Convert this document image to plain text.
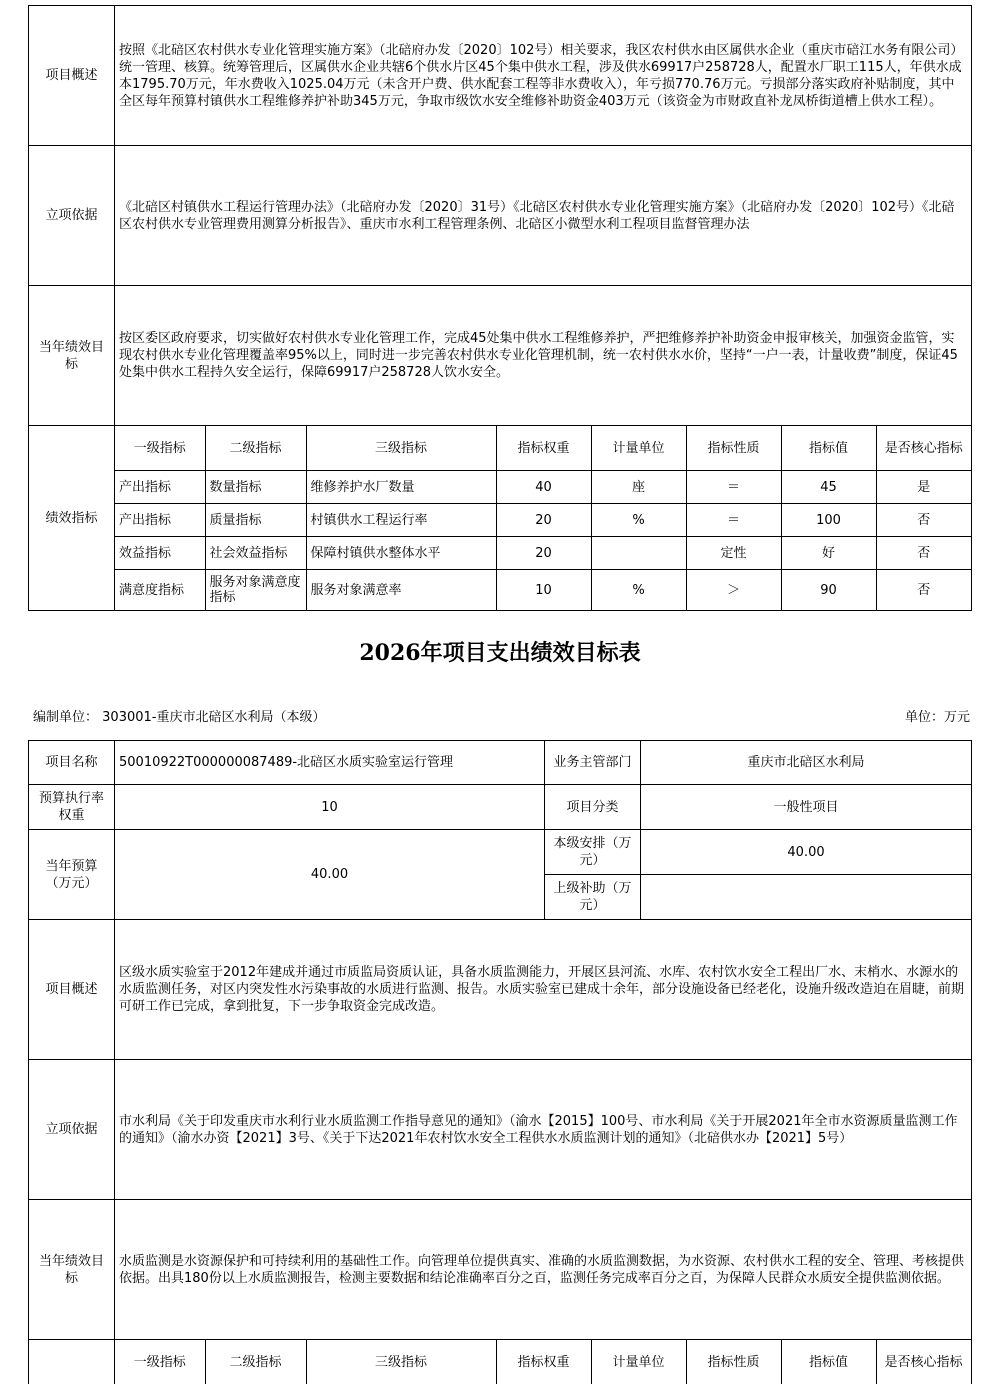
项目概述	按照《北碚区农村供水专业化管理实施方案》（北碚府办发〔2020〕102号）相关要求，我区农村供水由区属供水企业（重庆市碚江水务有限公司）统一管理、核算。统筹管理后，区属供水企业共辖6个供水片区45个集中供水工程，涉及供水69917户258728人，配置水厂职工115人，年供水成本1795.70万元，年水费收入1025.04万元（未含开户费、供水配套工程等非水费收入），年亏损770.76万元。亏损部分落实政府补贴制度，其中全区每年预算村镇供水工程维修养护补助345万元，争取市级饮水安全维修补助资金403万元（该资金为市财政直补龙凤桥街道槽上供水工程）。
立项依据	《北碚区村镇供水工程运行管理办法》（北碚府办发〔2020〕31号）《北碚区农村供水专业化管理实施方案》（北碚府办发〔2020〕102号）《北碚区农村供水专业管理费用测算分析报告》、重庆市水利工程管理条例、北碚区小微型水利工程项目监督管理办法
当年绩效目标	按区委区政府要求，切实做好农村供水专业化管理工作，完成45处集中供水工程维修养护，严把维修养护补助资金申报审核关，加强资金监管，实现农村供水专业化管理覆盖率95%以上，同时进一步完善农村供水专业化管理机制，统一农村供水水价，坚持“一户一表，计量收费”制度，保证45处集中供水工程持久安全运行，保障69917户258728人饮水安全。
绩效指标	
一级指标	二级指标	三级指标	指标权重	计量单位	指标性质	指标值	是否核心指标
产出指标	数量指标	维修养护水厂数量	40	座	＝	45	是
产出指标	质量指标	村镇供水工程运行率	20	%	＝	100	否
效益指标	社会效益指标	保障村镇供水整体水平	20		定性	好	否
满意度指标	服务对象满意度指标	服务对象满意率	10	%	＞	90	否
2026年项目支出绩效目标表
编制单位： 303001-重庆市北碚区水利局（本级）	单位：万元
项目名称	50010922T000000087489-北碚区水质实验室运行管理	业务主管部门	重庆市北碚区水利局
预算执行率权重	10	项目分类	一般性项目
当年预算（万元）	40.00	本级安排（万元）	40.00
上级补助（万元）	
项目概述	区级水质实验室于2012年建成并通过市质监局资质认证，具备水质监测能力，开展区县河流、水库、农村饮水安全工程出厂水、末梢水、水源水的水质监测任务，对区内突发性水污染事故的水质进行监测、报告。水质实验室已建成十余年，部分设施设备已经老化，设施升级改造迫在眉睫，前期可研工作已完成，拿到批复，下一步争取资金完成改造。
立项依据	市水利局《关于印发重庆市水利行业水质监测工作指导意见的通知》（渝水【2015】100号、市水利局《关于开展2021年全市水资源质量监测工作的通知》（渝水办资【2021】3号、《关于下达2021年农村饮水安全工程供水水质监测计划的通知》（北碚供水办【2021】5号）
当年绩效目标	水质监测是水资源保护和可持续利用的基础性工作。向管理单位提供真实、准确的水质监测数据，为水资源、农村供水工程的安全、管理、考核提供依据。出具180份以上水质监测报告，检测主要数据和结论准确率百分之百，监测任务完成率百分之百，为保障人民群众水质安全提供监测依据。

一级指标	二级指标	三级指标	指标权重	计量单位	指标性质	指标值	是否核心指标
